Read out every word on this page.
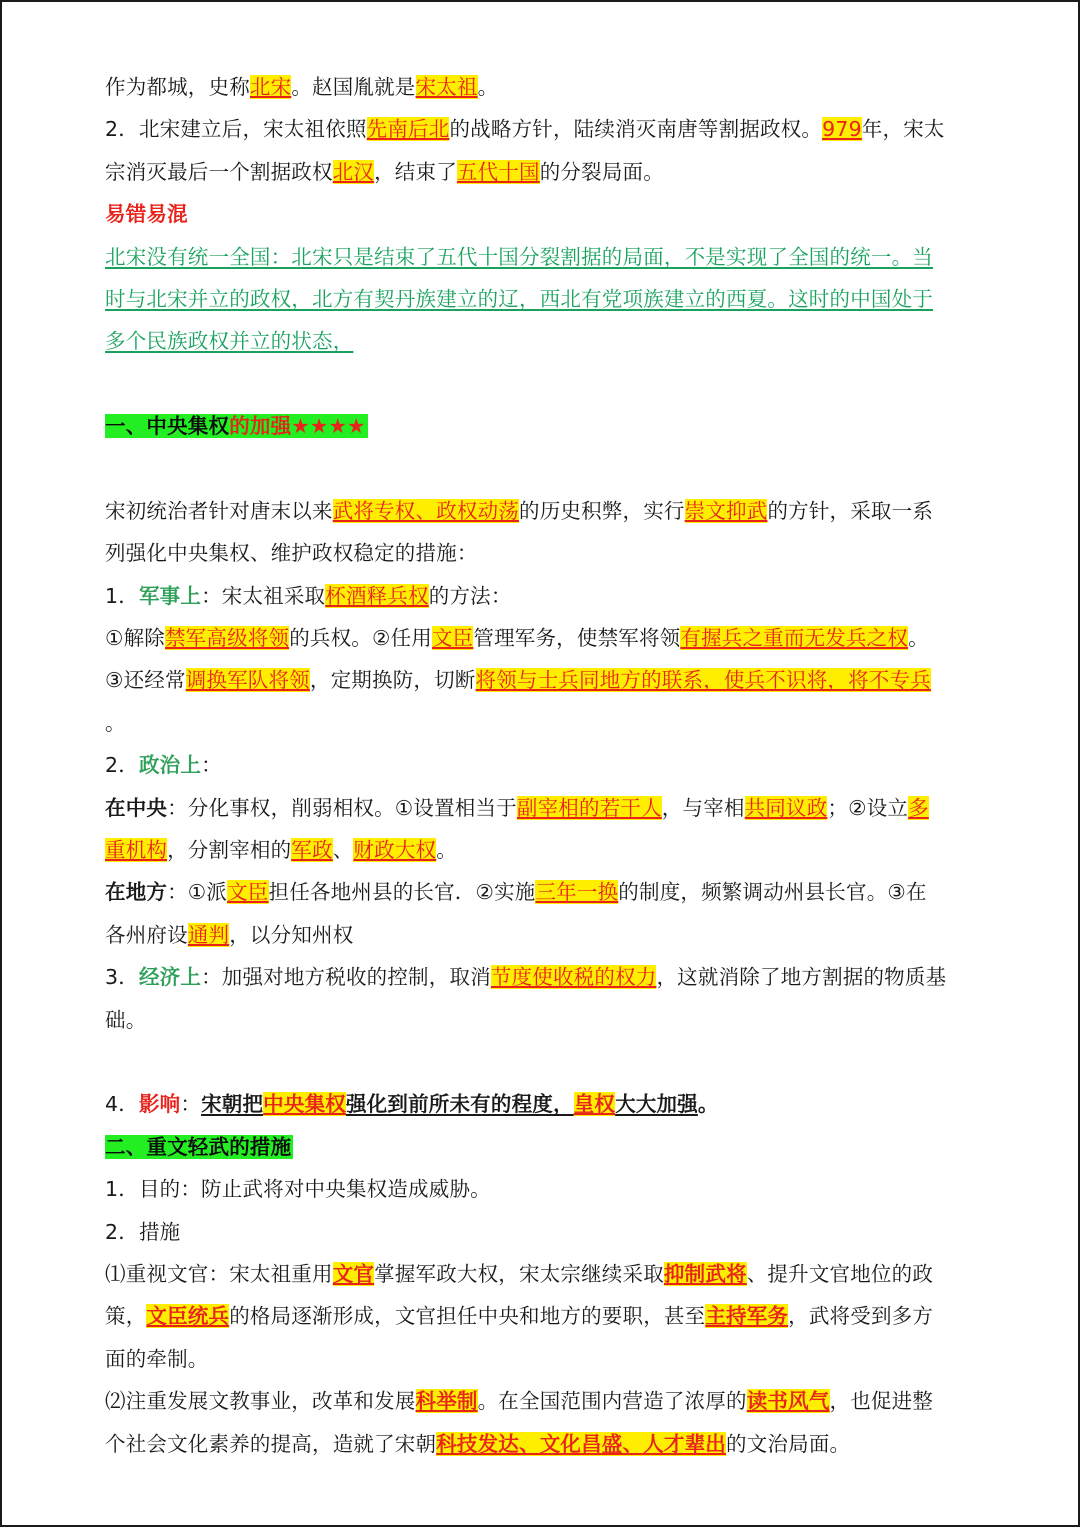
作为都城，史称北宋。赵国胤就是宋太祖。
2．北宋建立后，宋太祖依照先南后北的战略方针，陆续消灭南唐等割据政权。979年，宋太
宗消灭最后一个割据政权北汉，结束了五代十国的分裂局面。
易错易混
北宋没有统一全国：北宋只是结束了五代十国分裂割据的局面，不是实现了全国的统一。当
时与北宋并立的政权，北方有契丹族建立的辽，西北有党项族建立的西夏。这时的中国处于
多个民族政权并立的状态，
一、中央集权的加强★★★★
宋初统治者针对唐末以来武将专权、政权动荡的历史积弊，实行崇文抑武的方针，采取一系
列强化中央集权、维护政权稳定的措施：
1．军事上：宋太祖采取杯酒释兵权的方法：
①解除禁军高级将领的兵权。②任用文臣管理军务，使禁军将领有握兵之重而无发兵之权。
③还经常调换军队将领，定期换防，切断将领与士兵同地方的联系，使兵不识将，将不专兵
。
2．政治上：
在中央：分化事权，削弱相权。①设置相当于副宰相的若干人，与宰相共同议政；②设立多
重机构，分割宰相的军政、财政大权。
在地方：①派文臣担任各地州县的长官．②实施三年一换的制度，频繁调动州县长官。③在
各州府设通判，以分知州权
3．经济上：加强对地方税收的控制，取消节度使收税的权力，这就消除了地方割据的物质基
础。
4．影响：宋朝把中央集权强化到前所未有的程度，皇权大大加强。
二、重文轻武的措施
1．目的：防止武将对中央集权造成威胁。
2．措施
⑴重视文官：宋太祖重用文官掌握军政大权，宋太宗继续采取抑制武将、提升文官地位的政
策，文臣统兵的格局逐渐形成，文官担任中央和地方的要职，甚至主持军务，武将受到多方
面的牵制。
⑵注重发展文教事业，改革和发展科举制。在全国范围内营造了浓厚的读书风气，也促进整
个社会文化素养的提高，造就了宋朝科技发达、文化昌盛、人才辈出的文治局面。
